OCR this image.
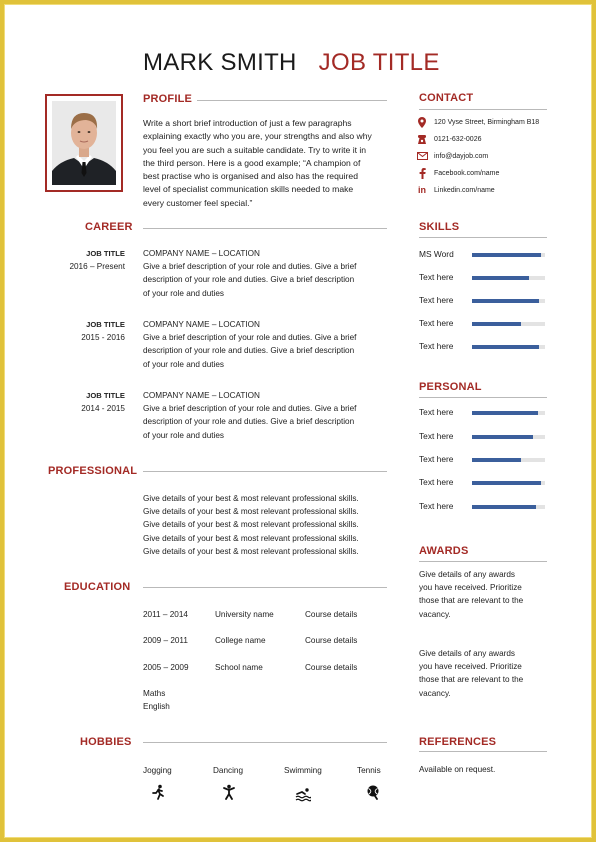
MARK SMITH JOB TITLE
PROFILE
Write a short brief introduction of just a few paragraphs
explaining exactly who you are, your strengths and also why
you feel you are such a suitable candidate. Try to write it in
the third person. Here is a good example; “A champion of
best practise who is organised and also has the required
level of specialist communication skills needed to make
every customer feel special.”
CAREER
JOB TITLE
2016 – Present
COMPANY NAME – LOCATION
Give a brief description of your role and duties. Give a brief
description of your role and duties. Give a brief description
of your role and duties
JOB TITLE
2015 - 2016
COMPANY NAME – LOCATION
Give a brief description of your role and duties. Give a brief
description of your role and duties. Give a brief description
of your role and duties
JOB TITLE
2014 - 2015
COMPANY NAME – LOCATION
Give a brief description of your role and duties. Give a brief
description of your role and duties. Give a brief description
of your role and duties
PROFESSIONAL
Give details of your best & most relevant professional skills.
Give details of your best & most relevant professional skills.
Give details of your best & most relevant professional skills.
Give details of your best & most relevant professional skills.
Give details of your best & most relevant professional skills.
EDUCATION
2011 – 2014	University name	Course details
2009 – 2011	College name	Course details
2005 – 2009	School name	Course details
Maths
English
HOBBIES
Jogging	Dancing	Swimming	Tennis
CONTACT
120 Vyse Street, Birmingham B18
0121-632-0026
info@dayjob.com
Facebook.com/name
in	Linkedin.com/name
SKILLS
MS Word
Text here
Text here
Text here
Text here
PERSONAL
Text here
Text here
Text here
Text here
Text here
AWARDS
Give details of any awards
you have received. Prioritize
those that are relevant to the
vacancy.
Give details of any awards
you have received. Prioritize
those that are relevant to the
vacancy.
REFERENCES
Available on request.
